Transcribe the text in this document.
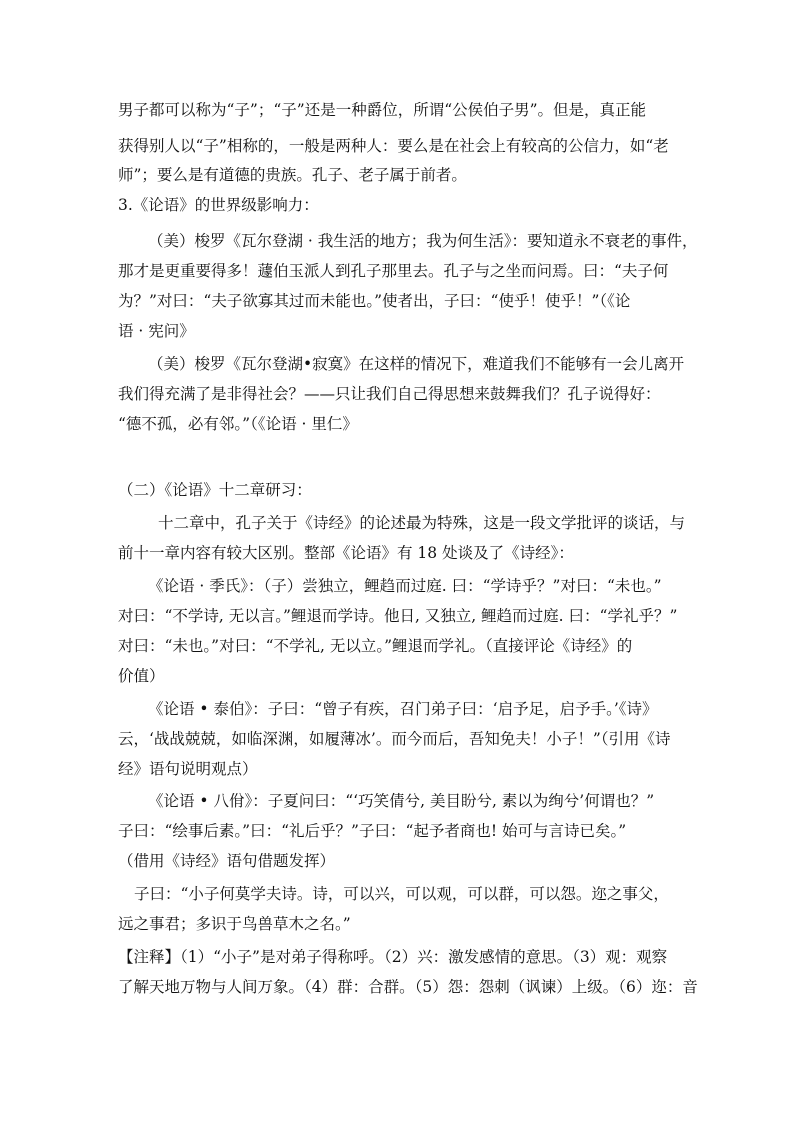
男子都可以称为“子”；“子”还是一种爵位，所谓“公侯伯子男”。但是，真正能
获得别人以“子”相称的，一般是两种人：要么是在社会上有较高的公信力，如“老
师”；要么是有道德的贵族。孔子、老子属于前者。
3.《论语》的世界级影响力：
（美）梭罗《瓦尔登湖 · 我生活的地方；我为何生活》：要知道永不衰老的事件，
那才是更重要得多！蘧伯玉派人到孔子那里去。孔子与之坐而问焉。曰：“夫子何
为？”对曰：“夫子欲寡其过而未能也。”使者出，子曰：“使乎！使乎！”（《论
语 · 宪问》
（美）梭罗《瓦尔登湖•寂寞》在这样的情况下，难道我们不能够有一会儿离开
我们得充满了是非得社会？——只让我们自己得思想来鼓舞我们？孔子说得好：
“德不孤，必有邻。”（《论语 · 里仁》
（二）《论语》十二章研习：
十二章中，孔子关于《诗经》的论述最为特殊，这是一段文学批评的谈话，与
前十一章内容有较大区别。整部《论语》有 18 处谈及了《诗经》：
《论语 · 季氏》：（子）尝独立，鲤趋而过庭. 曰：“学诗乎？”对曰：“未也。”
对曰：“不学诗, 无以言。”鲤退而学诗。他日, 又独立, 鲤趋而过庭. 曰：“学礼乎？”
对曰：“未也。”对曰：“不学礼, 无以立。”鲤退而学礼。（直接评论《诗经》的
价值）
《论语 • 泰伯》：子曰：“曾子有疾，召门弟子曰：‘启予足，启予手。’《诗》
云，‘战战兢兢，如临深渊，如履薄冰’。而今而后，吾知免夫！小子！”（引用《诗
经》语句说明观点）
《论语 • 八佾》：子夏问曰：“‘巧笑倩兮, 美目盼兮, 素以为绚兮’何谓也？”
子曰：“绘事后素。”曰：“礼后乎？”子曰：“起予者商也! 始可与言诗已矣。”
（借用《诗经》语句借题发挥）
子曰：“小子何莫学夫诗。诗，可以兴，可以观，可以群，可以怨。迩之事父，
远之事君；多识于鸟兽草木之名。”
【注释】（1）“小子”是对弟子得称呼。（2）兴：激发感情的意思。（3）观：观察
了解天地万物与人间万象。（4）群：合群。（5）怨：怨刺（讽谏）上级。（6）迩：音
